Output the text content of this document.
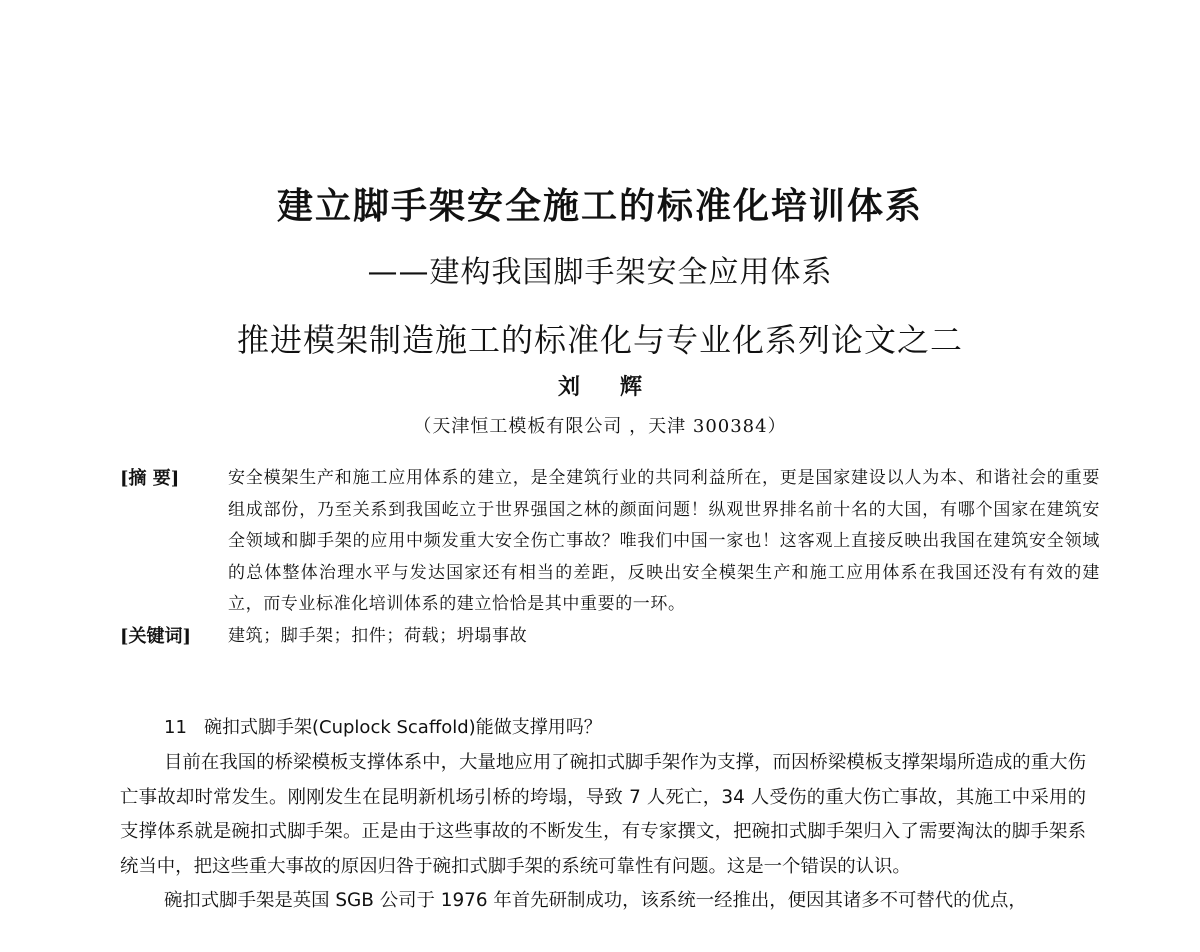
建立脚手架安全施工的标准化培训体系
——建构我国脚手架安全应用体系
推进模架制造施工的标准化与专业化系列论文之二
刘辉
（天津恒工模板有限公司 ，天津 300384）
[摘 要]	安全模架生产和施工应用体系的建立，是全建筑行业的共同利益所在，更是国家建设以人为本、和谐社会的重要组成部份，乃至关系到我国屹立于世界强国之林的颜面问题！纵观世界排名前十名的大国，有哪个国家在建筑安全领域和脚手架的应用中频发重大安全伤亡事故？唯我们中国一家也！这客观上直接反映出我国在建筑安全领域的总体整体治理水平与发达国家还有相当的差距，反映出安全模架生产和施工应用体系在我国还没有有效的建立，而专业标准化培训体系的建立恰恰是其中重要的一环。
[关键词]	建筑；脚手架；扣件；荷载；坍塌事故
11 碗扣式脚手架(Cuplock Scaffold)能做支撑用吗？

目前在我国的桥梁模板支撑体系中，大量地应用了碗扣式脚手架作为支撑，而因桥梁模板支撑架塌所造成的重大伤亡事故却时常发生。刚刚发生在昆明新机场引桥的垮塌，导致 7 人死亡，34 人受伤的重大伤亡事故，其施工中采用的支撑体系就是碗扣式脚手架。正是由于这些事故的不断发生，有专家撰文，把碗扣式脚手架归入了需要淘汰的脚手架系统当中，把这些重大事故的原因归咎于碗扣式脚手架的系统可靠性有问题。这是一个错误的认识。

碗扣式脚手架是英国 SGB 公司于 1976 年首先研制成功，该系统一经推出，便因其诸多不可替代的优点，
